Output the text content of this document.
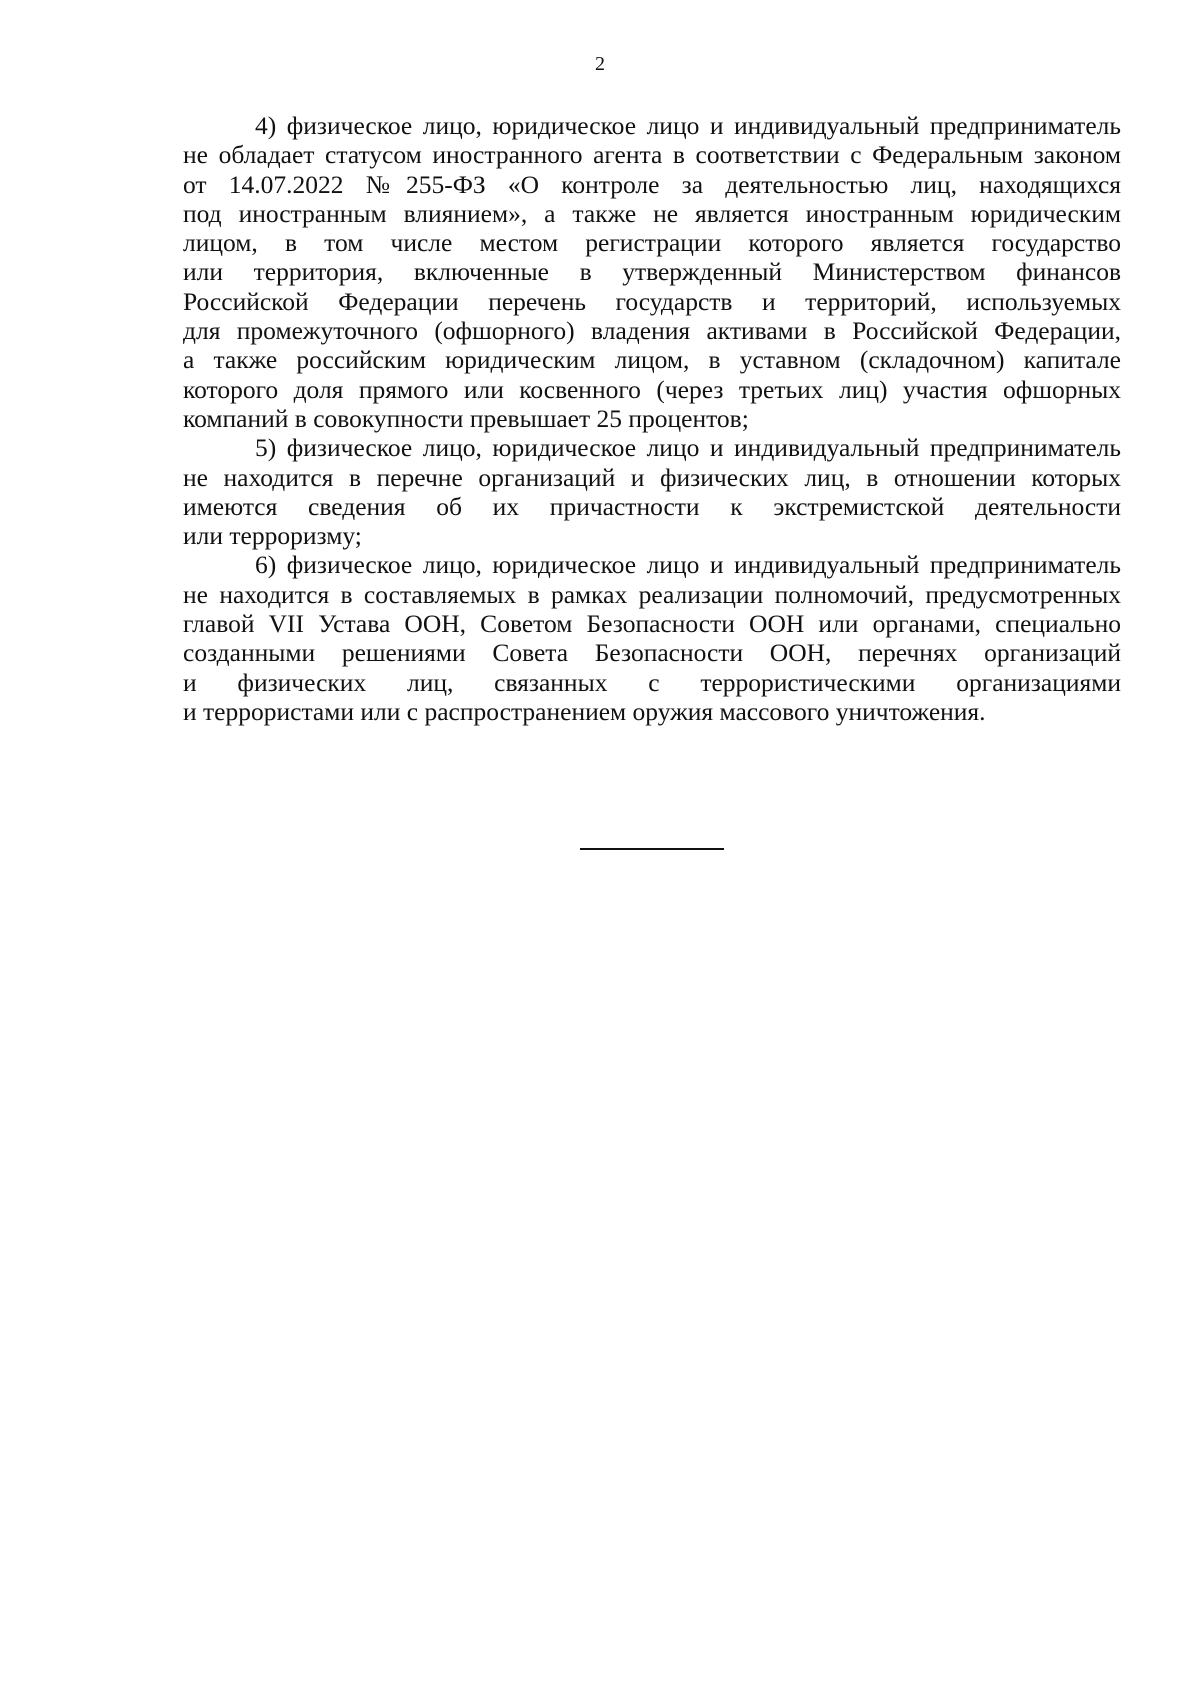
2

4) физическое лицо, юридическое лицо и индивидуальный предприниматель
не обладает статусом иностранного агента в соответствии с Федеральным законом
от 14.07.2022 №255-ФЗ «О контроле за деятельностью лиц, находящихся
под иностранным влиянием», а также не является иностранным юридическим
лицом, в том числе местом регистрации которого является государство
или территория, включенные в утвержденный Министерством финансов
Российской Федерации перечень государств и территорий, используемых
для промежуточного (офшорного) владения активами в Российской Федерации,
а также российским юридическим лицом, в уставном (складочном) капитале
которого доля прямого или косвенного (через третьих лиц) участия офшорных
компаний в совокупности превышает 25 процентов;

5) физическое лицо, юридическое лицо и индивидуальный предприниматель
не находится в перечне организаций и физических лиц, в отношении которых
имеются сведения об их причастности к экстремистской деятельности
или терроризму;

6) физическое лицо, юридическое лицо и индивидуальный предприниматель
не находится в составляемых в рамках реализации полномочий, предусмотренных
главой VII Устава ООН, Советом Безопасности ООН или органами, специально
созданными решениями Совета Безопасности ООН, перечнях организаций
и физических лиц, связанных с террористическими организациями
и террористами или с распространением оружия массового уничтожения.
